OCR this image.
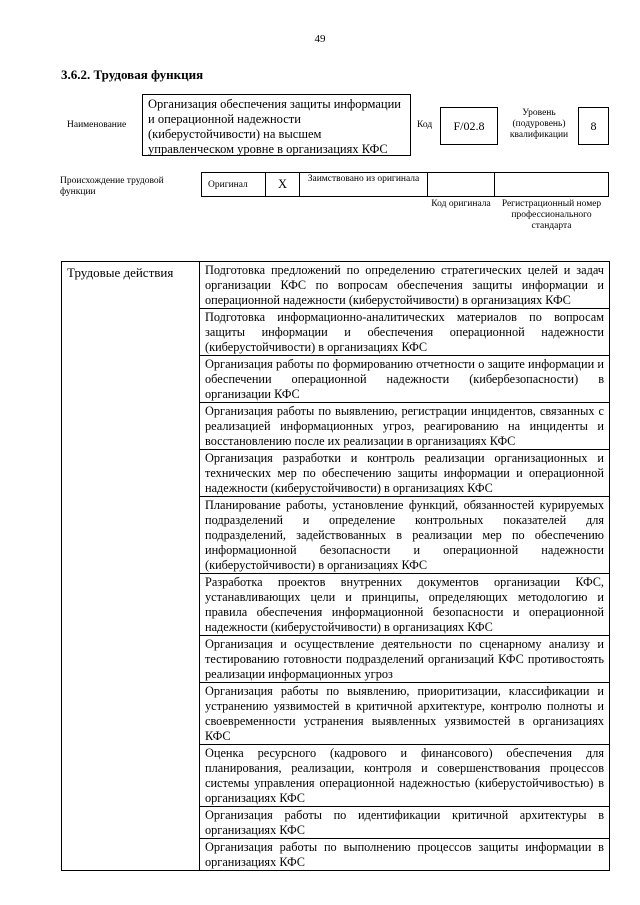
49
3.6.2. Трудовая функция
Наименование
Организация обеспечения защиты информации и операционной надежности (киберустойчивости) на высшем управленческом уровне в организациях КФС
Код	F/02.8
Уровень (подуровень) квалификации
8
Происхождение трудовой функции
Оригинал	X	Заимствовано из оригинала
Код оригинала	Регистрационный номер профессионального стандарта
Трудовые действия	Подготовка предложений по определению стратегических целей и задач организации КФС по вопросам обеспечения защиты информации и операционной надежности (киберустойчивости) в организациях КФС
Подготовка информационно-аналитических материалов по вопросам защиты информации и обеспечения операционной надежности (киберустойчивости) в организациях КФС
Организация работы по формированию отчетности о защите информации и обеспечении операционной надежности (кибербезопасности) в организации КФС
Организация работы по выявлению, регистрации инцидентов, связанных с реализацией информационных угроз, реагированию на инциденты и восстановлению после их реализации в организациях КФС
Организация разработки и контроль реализации организационных и технических мер по обеспечению защиты информации и операционной надежности (киберустойчивости) в организациях КФС
Планирование работы, установление функций, обязанностей курируемых подразделений и определение контрольных показателей для подразделений, задействованных в реализации мер по обеспечению информационной безопасности и операционной надежности (киберустойчивости) в организациях КФС
Разработка проектов внутренних документов организации КФС, устанавливающих цели и принципы, определяющих методологию и правила обеспечения информационной безопасности и операционной надежности (киберустойчивости) в организациях КФС
Организация и осуществление деятельности по сценарному анализу и тестированию готовности подразделений организаций КФС противостоять реализации информационных угроз
Организация работы по выявлению, приоритизации, классификации и устранению уязвимостей в критичной архитектуре, контролю полноты и своевременности устранения выявленных уязвимостей в организациях КФС
Оценка ресурсного (кадрового и финансового) обеспечения для планирования, реализации, контроля и совершенствования процессов системы управления операционной надежностью (киберустойчивостью) в организациях КФС
Организация работы по идентификации критичной архитектуры в организациях КФС
Организация работы по выполнению процессов защиты информации в организациях КФС
